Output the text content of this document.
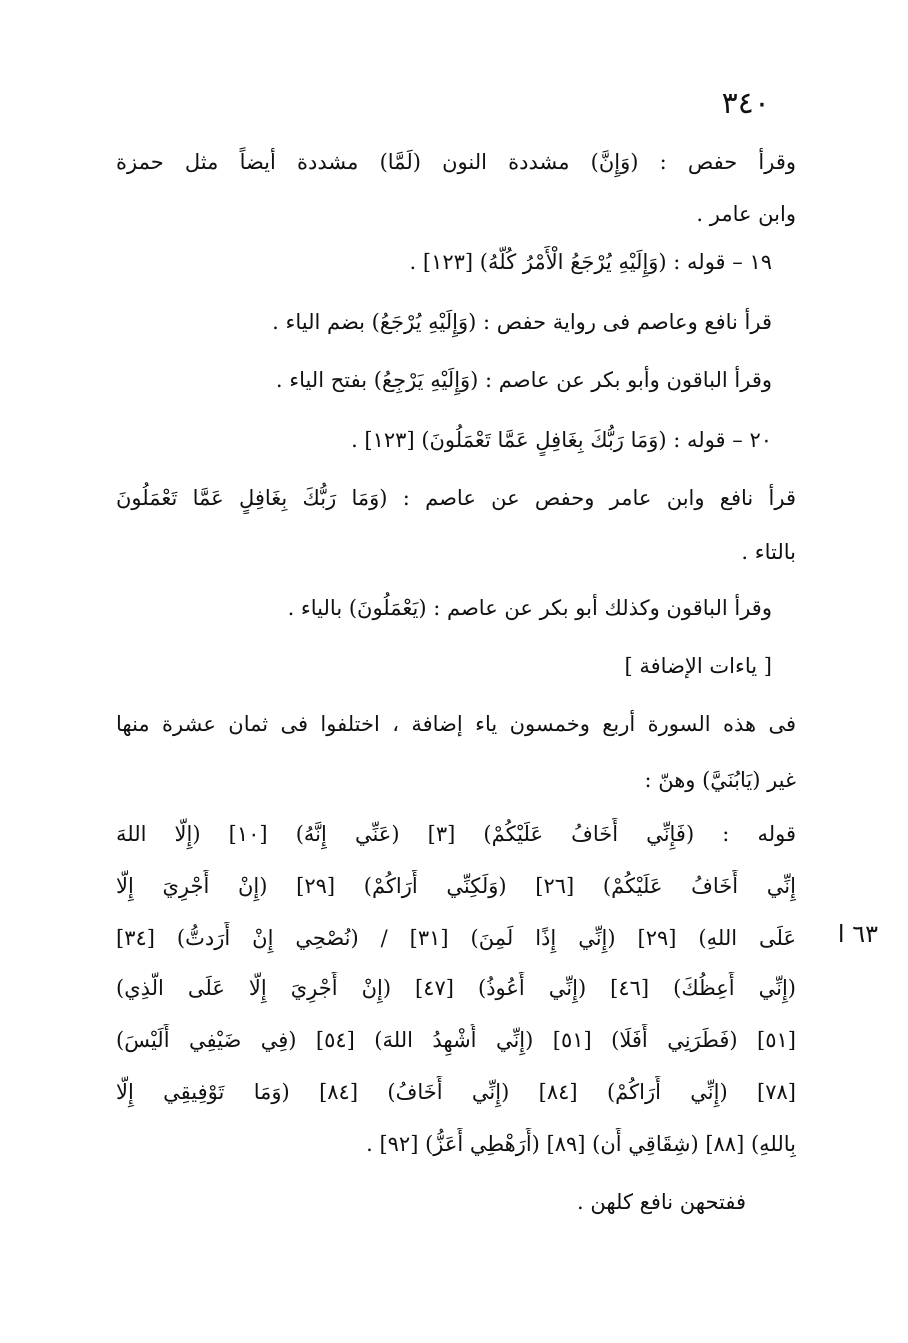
٣٤٠
٦٣ ا
وقرأ حفص : (وَإِنَّ) مشددة النون (لَمَّا) مشددة أيضاً مثل حمزة
وابن عامر .
١٩ – قوله : (وَإِلَيْهِ يُرْجَعُ الْأَمْرُ كُلُّهُ) [١٢٣] .
قرأ نافع وعاصم فى رواية حفص : (وَإِلَيْهِ يُرْجَعُ) بضم الياء .
وقرأ الباقون وأبو بكر عن عاصم : (وَإِلَيْهِ يَرْجِعُ) بفتح الياء .
٢٠ – قوله : (وَمَا رَبُّكَ بِغَافِلٍ عَمَّا تَعْمَلُونَ) [١٢٣] .
قرأ نافع وابن عامر وحفص عن عاصم : (وَمَا رَبُّكَ بِغَافِلٍ عَمَّا تَعْمَلُونَ
بالتاء .
وقرأ الباقون وكذلك أبو بكر عن عاصم : (يَعْمَلُونَ) بالياء .
[ ياءات الإضافة ]
فى هذه السورة أربع وخمسون ياء إضافة ، اختلفوا فى ثمان عشرة منها
غير (يَابُنَيَّ) وهنّ :
قوله : (فَإِنِّي أَخَافُ عَلَيْكُمْ) [٣] (عَنِّي إِنَّهُ) [١٠] (إِلَّا اللهَ
إِنِّي أَخَافُ عَلَيْكُمْ) [٢٦] (وَلَكِنِّي أَرَاكُمْ) [٢٩] (إِنْ أَجْرِيَ إِلَّا
عَلَى اللهِ) [٢٩] (إِنِّي إِذًا لَمِنَ) [٣١] / (نُصْحِي إِنْ أَرَدتُّ) [٣٤]
(إِنِّي أَعِظُكَ) [٤٦] (إِنِّي أَعُوذُ) [٤٧] (إِنْ أَجْرِيَ إِلَّا عَلَى الَّذِي)
[٥١] (فَطَرَنِي أَفَلَا) [٥١] (إِنِّي أُشْهِدُ اللهَ) [٥٤] (فِي ضَيْفِي أَلَيْسَ)
[٧٨] (إِنِّي أَرَاكُمْ) [٨٤] (إِنِّي أَخَافُ) [٨٤] (وَمَا تَوْفِيقِي إِلَّا
بِاللهِ) [٨٨] (شِقَاقِي أَن) [٨٩] (أَرَهْطِي أَعَزُّ) [٩٢] .
ففتحهن نافع كلهن .
